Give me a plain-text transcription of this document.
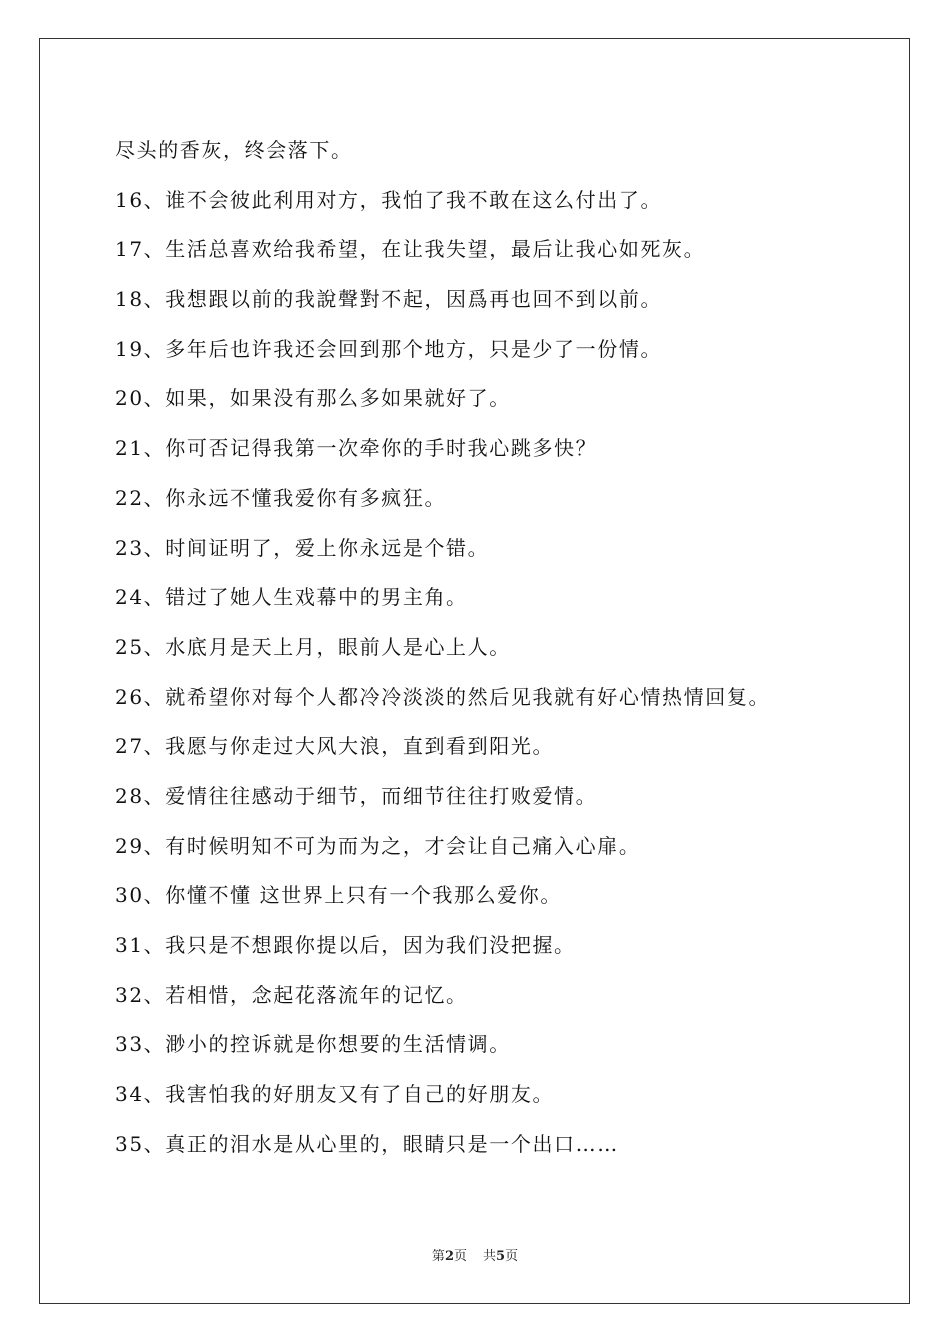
尽头的香灰，终会落下。
16、谁不会彼此利用对方，我怕了我不敢在这么付出了。
17、生活总喜欢给我希望，在让我失望，最后让我心如死灰。
18、我想跟以前的我說聲對不起，因爲再也回不到以前。
19、多年后也许我还会回到那个地方，只是少了一份情。
20、如果，如果没有那么多如果就好了。
21、你可否记得我第一次牵你的手时我心跳多快？
22、你永远不懂我爱你有多疯狂。
23、时间证明了，爱上你永远是个错。
24、错过了她人生戏幕中的男主角。
25、水底月是天上月，眼前人是心上人。
26、就希望你对每个人都冷冷淡淡的然后见我就有好心情热情回复。
27、我愿与你走过大风大浪，直到看到阳光。
28、爱情往往感动于细节，而细节往往打败爱情。
29、有时候明知不可为而为之，才会让自己痛入心扉。
30、你懂不懂 这世界上只有一个我那么爱你。
31、我只是不想跟你提以后，因为我们没把握。
32、若相惜，念起花落流年的记忆。
33、渺小的控诉就是你想要的生活情调。
34、我害怕我的好朋友又有了自己的好朋友。
35、真正的泪水是从心里的，眼睛只是一个出口……
第2页 共5页
